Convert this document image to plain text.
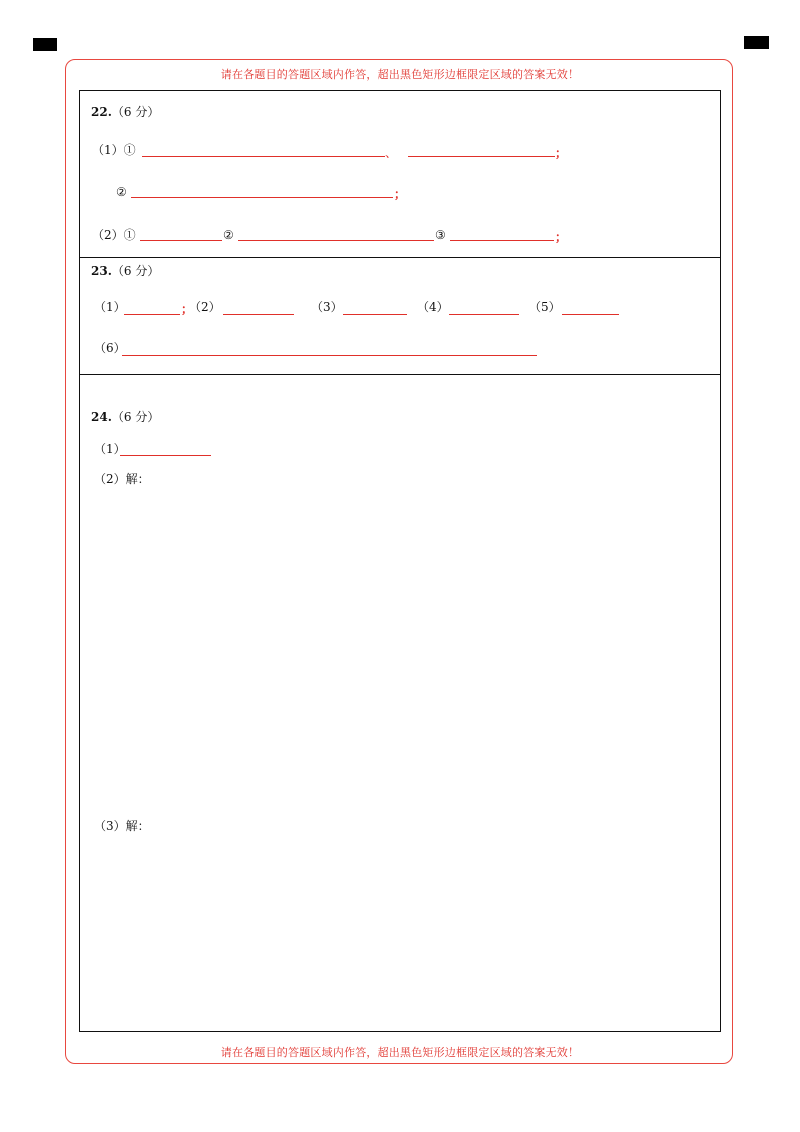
请在各题目的答题区域内作答，超出黑色矩形边框限定区域的答案无效！
请在各题目的答题区域内作答，超出黑色矩形边框限定区域的答案无效！
22.（6 分）
（1）①	、	；
②	；
（2）①	②	③	；
23.（6 分）
（1）	；
（2）	（3）	（4）	（5）
（6）
24.（6 分）
（1）
（2）解：
（3）解：
